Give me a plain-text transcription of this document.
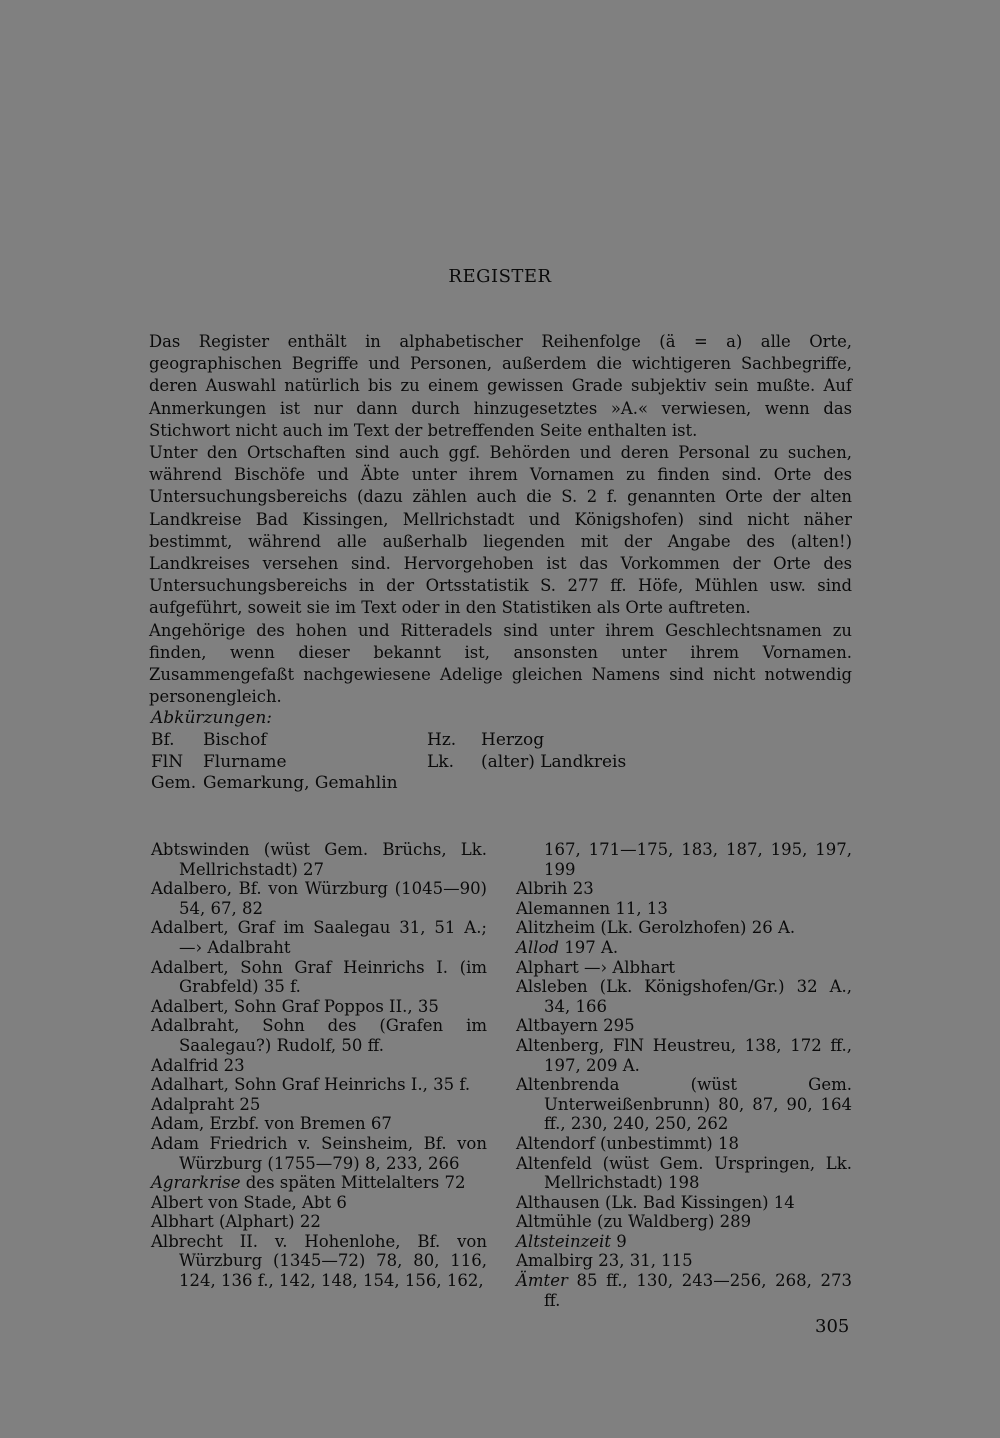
REGISTER

Das Register enthält in alphabetischer Reihenfolge (ä = a) alle Orte, geographischen Begriffe und Personen, außerdem die wichtigeren Sachbegriffe, deren Auswahl natürlich bis zu einem gewissen Grade subjektiv sein mußte. Auf Anmerkungen ist nur dann durch hinzugesetztes »A.« verwiesen, wenn das Stichwort nicht auch im Text der betreffenden Seite enthalten ist.

Unter den Ortschaften sind auch ggf. Behörden und deren Personal zu suchen, während Bischöfe und Äbte unter ihrem Vornamen zu finden sind. Orte des Untersuchungsbereichs (dazu zählen auch die S. 2 f. genannten Orte der alten Landkreise Bad Kissingen, Mellrichstadt und Königshofen) sind nicht näher bestimmt, während alle außerhalb liegenden mit der Angabe des (alten!) Landkreises versehen sind. Hervorgehoben ist das Vorkommen der Orte des Untersuchungsbereichs in der Ortsstatistik S. 277 ff. Höfe, Mühlen usw. sind aufgeführt, soweit sie im Text oder in den Statistiken als Orte auftreten.

Angehörige des hohen und Ritteradels sind unter ihrem Geschlechtsnamen zu finden, wenn dieser bekannt ist, ansonsten unter ihrem Vornamen. Zusammengefaßt nachgewiesene Adelige gleichen Namens sind nicht notwendig personengleich.

Abkürzungen:
Bf. Bischof
FlN Flurname
Gem. Gemarkung, Gemahlin
Hz. Herzog
Lk. (alter) Landkreis
Abtswinden (wüst Gem. Brüchs, Lk. Mellrichstadt) 27
Adalbero, Bf. von Würzburg (1045—90) 54, 67, 82
Adalbert, Graf im Saalegau 31, 51 A.; —› Adalbraht
Adalbert, Sohn Graf Heinrichs I. (im Grabfeld) 35 f.
Adalbert, Sohn Graf Poppos II., 35
Adalbraht, Sohn des (Grafen im Saalegau?) Rudolf, 50 ff.
Adalfrid 23
Adalhart, Sohn Graf Heinrichs I., 35 f.
Adalpraht 25
Adam, Erzbf. von Bremen 67
Adam Friedrich v. Seinsheim, Bf. von Würzburg (1755—79) 8, 233, 266
Agrarkrise des späten Mittelalters 72
Albert von Stade, Abt 6
Albhart (Alphart) 22
Albrecht II. v. Hohenlohe, Bf. von Würzburg (1345—72) 78, 80, 116, 124, 136 f., 142, 148, 154, 156, 162,
167, 171—175, 183, 187, 195, 197, 199
Albrih 23
Alemannen 11, 13
Alitzheim (Lk. Gerolzhofen) 26 A.
Allod 197 A.
Alphart —› Albhart
Alsleben (Lk. Königshofen/Gr.) 32 A., 34, 166
Altbayern 295
Altenberg, FlN Heustreu, 138, 172 ff., 197, 209 A.
Altenbrenda (wüst Gem. Unterweißenbrunn) 80, 87, 90, 164 ff., 230, 240, 250, 262
Altendorf (unbestimmt) 18
Altenfeld (wüst Gem. Urspringen, Lk. Mellrichstadt) 198
Althausen (Lk. Bad Kissingen) 14
Altmühle (zu Waldberg) 289
Altsteinzeit 9
Amalbirg 23, 31, 115
Ämter 85 ff., 130, 243—256, 268, 273 ff.
305
